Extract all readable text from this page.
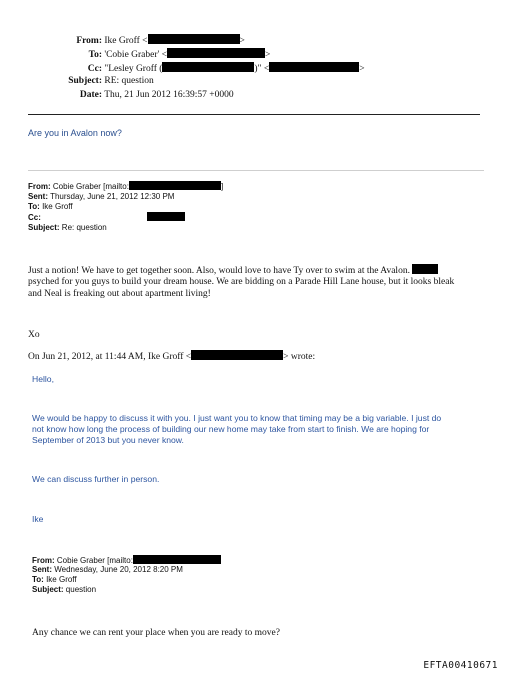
From: Ike Groff <	>
To: 'Cobie Graber' <	>
Cc: "Lesley Groff (	)" <	>
Subject: RE: question
Date: Thu, 21 Jun 2012 16:39:57 +0000
Are you in Avalon now?
From: Cobie Graber [mailto:	]
Sent: Thursday, June 21, 2012 12:30 PM
To: Ike Groff
Cc:
Subject: Re: question
Just a notion! We have to get together soon. Also, would love to have Ty over to swim at the Avalon.
psyched for you guys to build your dream house. We are bidding on a Parade Hill Lane house, but it looks bleak
and Neal is freaking out about apartment living!
Xo
On Jun 21, 2012, at 11:44 AM, Ike Groff <	> wrote:
Hello,
We would be happy to discuss it with you. I just want you to know that timing may be a big variable. I just do
not know how long the process of building our new home may take from start to finish. We are hoping for
September of 2013 but you never know.
We can discuss further in person.
Ike
From: Cobie Graber [mailto:
Sent: Wednesday, June 20, 2012 8:20 PM
To: Ike Groff
Subject: question
Any chance we can rent your place when you are ready to move?
EFTA00410671
